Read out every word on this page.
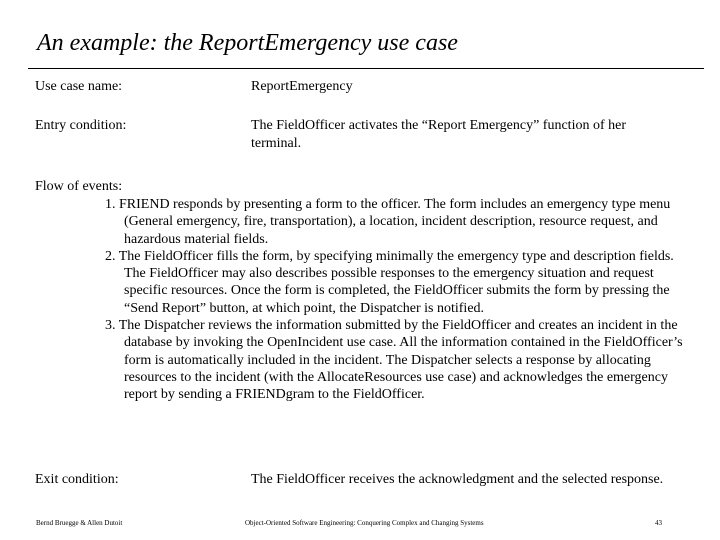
An example: the ReportEmergency use case
Use case name:	ReportEmergency
Entry condition:	The FieldOfficer activates the “Report Emergency” function of her terminal.
Flow of events:
1. FRIEND responds by presenting a form to the officer. The form includes an emergency type menu (General emergency, fire, transportation), a location, incident description, resource request, and hazardous material fields.
2. The FieldOfficer fills the form, by specifying minimally the emergency type and description fields. The FieldOfficer may also describes possible responses to the emergency situation and request specific resources. Once the form is completed, the FieldOfficer submits the form by pressing the “Send Report” button, at which point, the Dispatcher is notified.
3. The Dispatcher reviews the information submitted by the FieldOfficer and creates an incident in the database by invoking the OpenIncident use case. All the information contained in the FieldOfficer’s form is automatically included in the incident. The Dispatcher selects a response by allocating resources to the incident (with the AllocateResources use case) and acknowledges the emergency report by sending a FRIENDgram to the FieldOfficer.
Exit condition:	The FieldOfficer receives the acknowledgment and the selected response.
Bernd Bruegge & Allen Dutoit	Object-Oriented Software Engineering: Conquering Complex and Changing Systems	43
